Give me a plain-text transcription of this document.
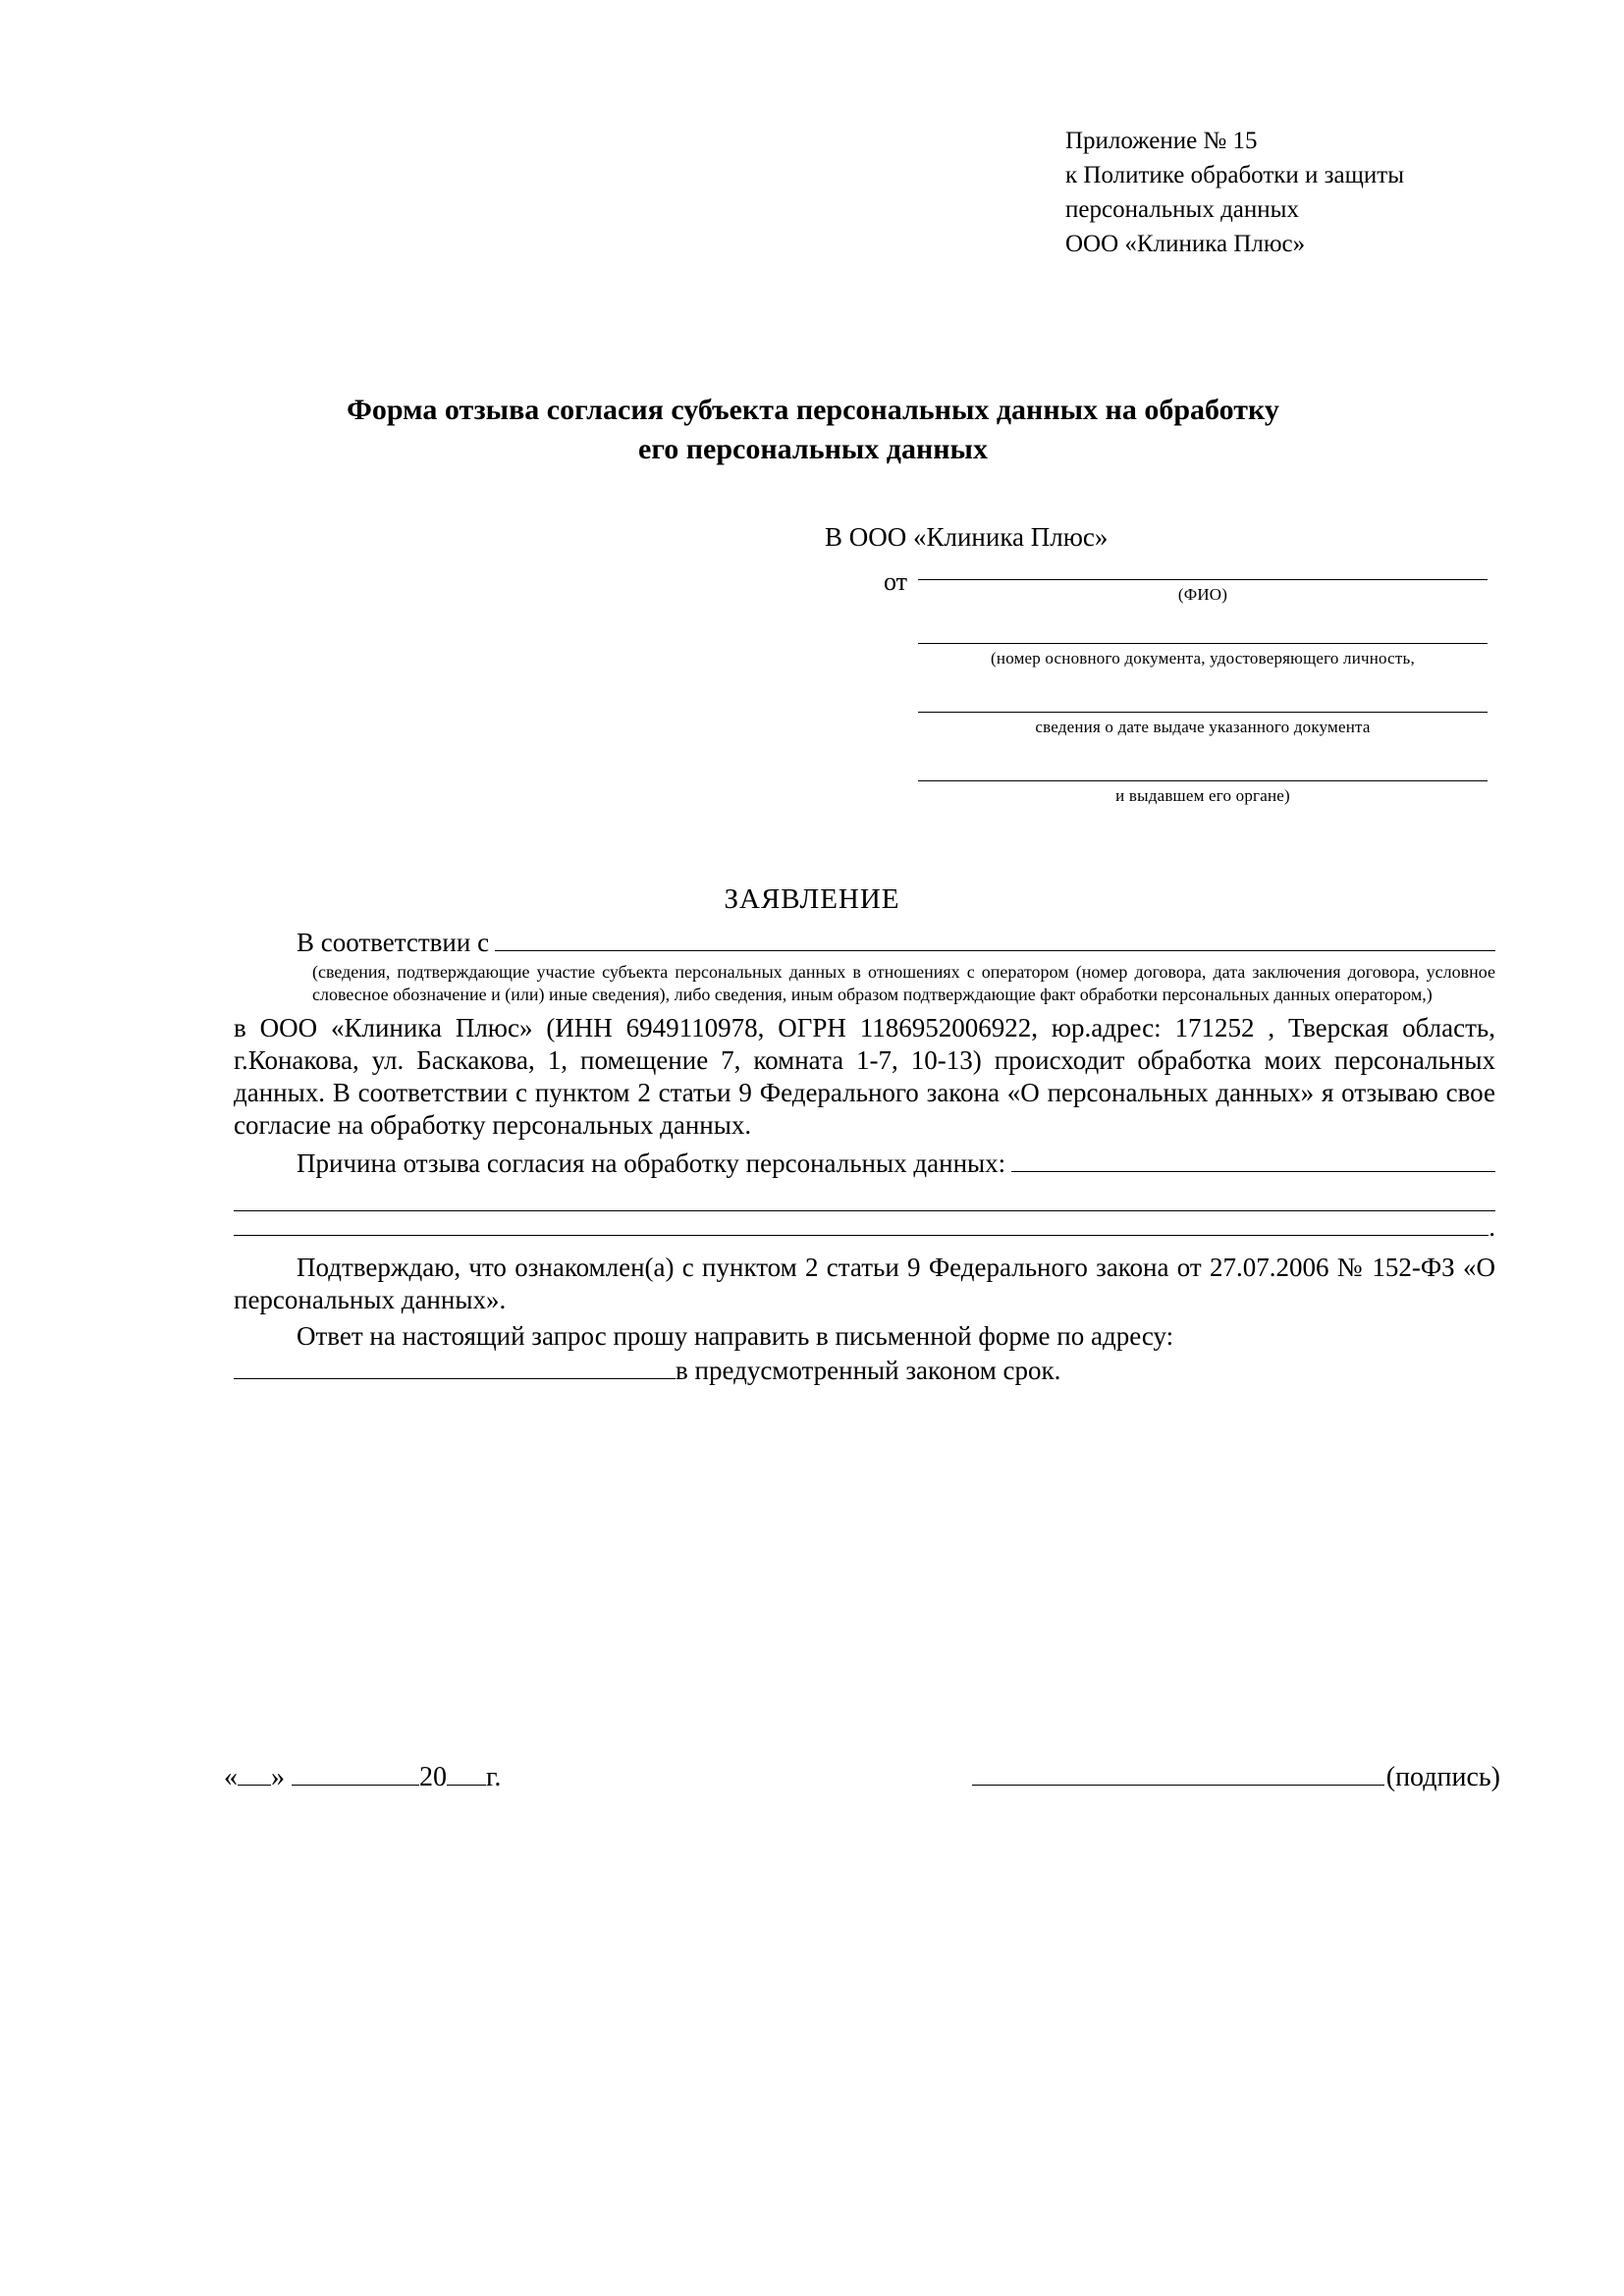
Приложение № 15
к Политике обработки и защиты
персональных данных
ООО «Клиника Плюс»
Форма отзыва согласия субъекта персональных данных на обработку
его персональных данных
В ООО «Клиника Плюс»
от	(ФИО)
(номер основного документа, удостоверяющего личность,
сведения о дате выдаче указанного документа
и выдавшем его органе)
ЗАЯВЛЕНИЕ
В соответствии с
(сведения, подтверждающие участие субъекта персональных данных в отношениях с оператором (номер договора, дата заключения договора, условное словесное обозначение и (или) иные сведения), либо сведения, иным образом подтверждающие факт обработки персональных данных оператором,)
в ООО «Клиника Плюс» (ИНН 6949110978, ОГРН 1186952006922, юр.адрес: 171252 , Тверская область, г.Конакова, ул. Баскакова, 1, помещение 7, комната 1-7, 10-13) происходит обработка моих персональных данных. В соответствии с пунктом 2 статьи 9 Федерального закона «О персональных данных» я отзываю свое согласие на обработку персональных данных.
Причина отзыва согласия на обработку персональных данных:
.
Подтверждаю, что ознакомлен(а) с пунктом 2 статьи 9 Федерального закона от 27.07.2006 № 152-ФЗ «О персональных данных».
Ответ на настоящий запрос прошу направить в письменной форме по адресу:
в предусмотренный законом срок.
« »	20 г.	(подпись)
